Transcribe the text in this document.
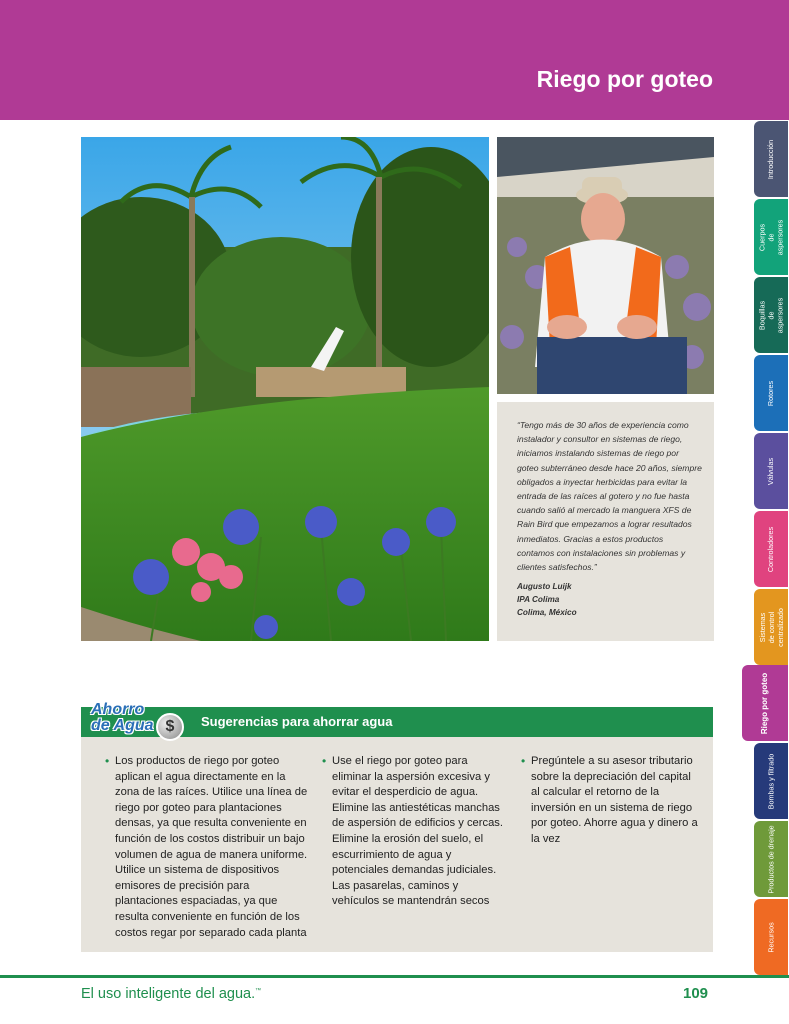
Riego por goteo
“Tengo más de 30 años de experiencia como instalador y consultor en sistemas de riego, iniciamos instalando sistemas de riego por goteo subterráneo desde hace 20 años, siempre obligados a inyectar herbicidas para evitar la entrada de las raíces al gotero y no fue hasta cuando salió al mercado la manguera XFS de Rain Bird que empezamos a lograr resultados inmediatos. Gracias a estos productos contamos con instalaciones sin problemas y clientes satisfechos.”
Augusto Luijk
IPA Colima
Colima, México
Introducción
Cuerpos de aspersores
Boquillas de aspersores
Rotores
Válvulas
Controladores
Sistemas de control centralizado
Riego por goteo
Bombas y filtrado
Productos de drenaje
Recursos
Sugerencias para ahorrar agua
Ahorro
de Agua $
• Los productos de riego por goteo aplican el agua directamente en la zona de las raíces. Utilice una línea de riego por goteo para plantaciones densas, ya que resulta conveniente en función de los costos distribuir un bajo volumen de agua de manera uniforme. Utilice un sistema de dispositivos emisores de precisión para plantaciones espaciadas, ya que resulta conveniente en función de los costos regar por separado cada planta
• Use el riego por goteo para eliminar la aspersión excesiva y evitar el desperdicio de agua. Elimine las antiestéticas manchas de aspersión de edificios y cercas. Elimine la erosión del suelo, el escurrimiento de agua y potenciales demandas judiciales. Las pasarelas, caminos y vehículos se mantendrán secos
• Pregúntele a su asesor tributario sobre la depreciación del capital al calcular el retorno de la inversión en un sistema de riego por goteo. Ahorre agua y dinero a la vez
El uso inteligente del agua.™	109
